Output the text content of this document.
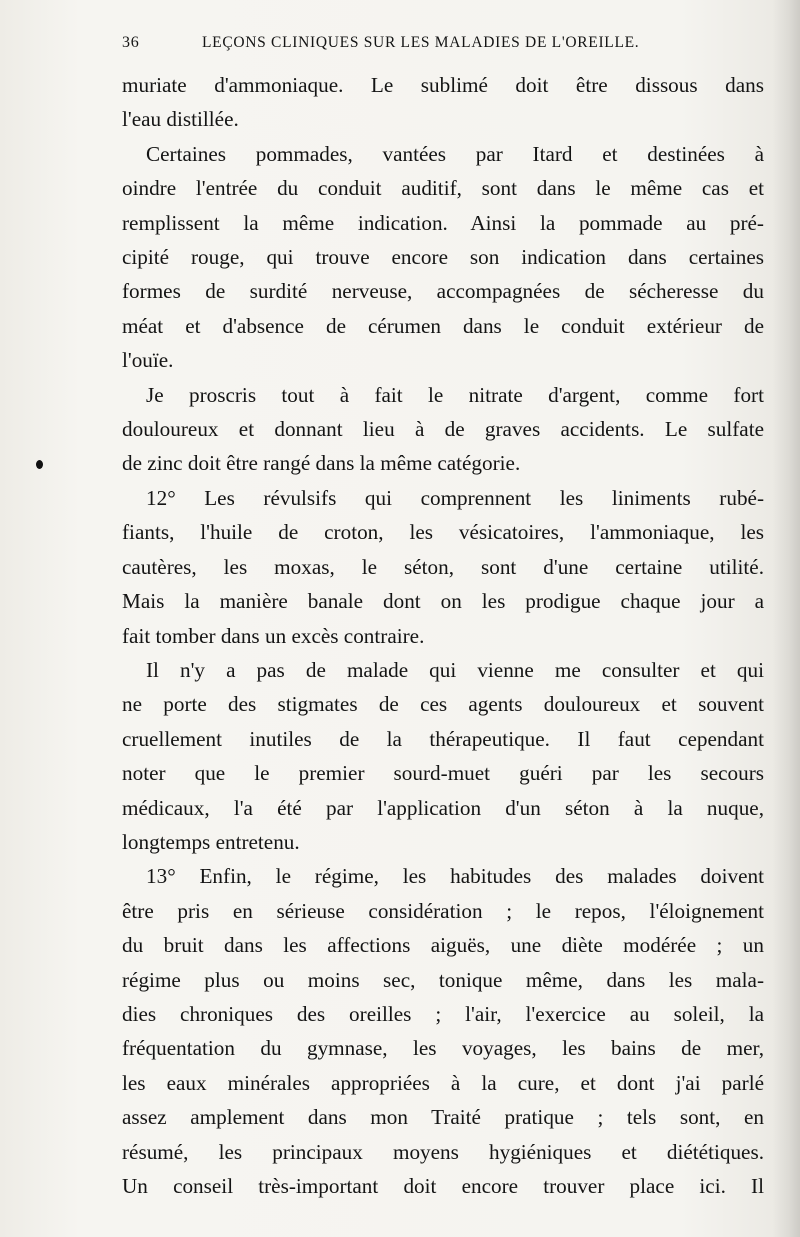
36	LEÇONS CLINIQUES SUR LES MALADIES DE L'OREILLE.
muriate d'ammoniaque. Le sublimé doit être dissous dans
l'eau distillée.
Certaines pommades, vantées par Itard et destinées à
oindre l'entrée du conduit auditif, sont dans le même cas et
remplissent la même indication. Ainsi la pommade au pré-
cipité rouge, qui trouve encore son indication dans certaines
formes de surdité nerveuse, accompagnées de sécheresse du
méat et d'absence de cérumen dans le conduit extérieur de
l'ouïe.
Je proscris tout à fait le nitrate d'argent, comme fort
douloureux et donnant lieu à de graves accidents. Le sulfate
de zinc doit être rangé dans la même catégorie.
12° Les révulsifs qui comprennent les liniments rubé-
fiants, l'huile de croton, les vésicatoires, l'ammoniaque, les
cautères, les moxas, le séton, sont d'une certaine utilité.
Mais la manière banale dont on les prodigue chaque jour a
fait tomber dans un excès contraire.
Il n'y a pas de malade qui vienne me consulter et qui
ne porte des stigmates de ces agents douloureux et souvent
cruellement inutiles de la thérapeutique. Il faut cependant
noter que le premier sourd-muet guéri par les secours
médicaux, l'a été par l'application d'un séton à la nuque,
longtemps entretenu.
13° Enfin, le régime, les habitudes des malades doivent
être pris en sérieuse considération ; le repos, l'éloignement
du bruit dans les affections aiguës, une diète modérée ; un
régime plus ou moins sec, tonique même, dans les mala-
dies chroniques des oreilles ; l'air, l'exercice au soleil, la
fréquentation du gymnase, les voyages, les bains de mer,
les eaux minérales appropriées à la cure, et dont j'ai parlé
assez amplement dans mon Traité pratique ; tels sont, en
résumé, les principaux moyens hygiéniques et diététiques.
Un conseil très-important doit encore trouver place ici. Il
